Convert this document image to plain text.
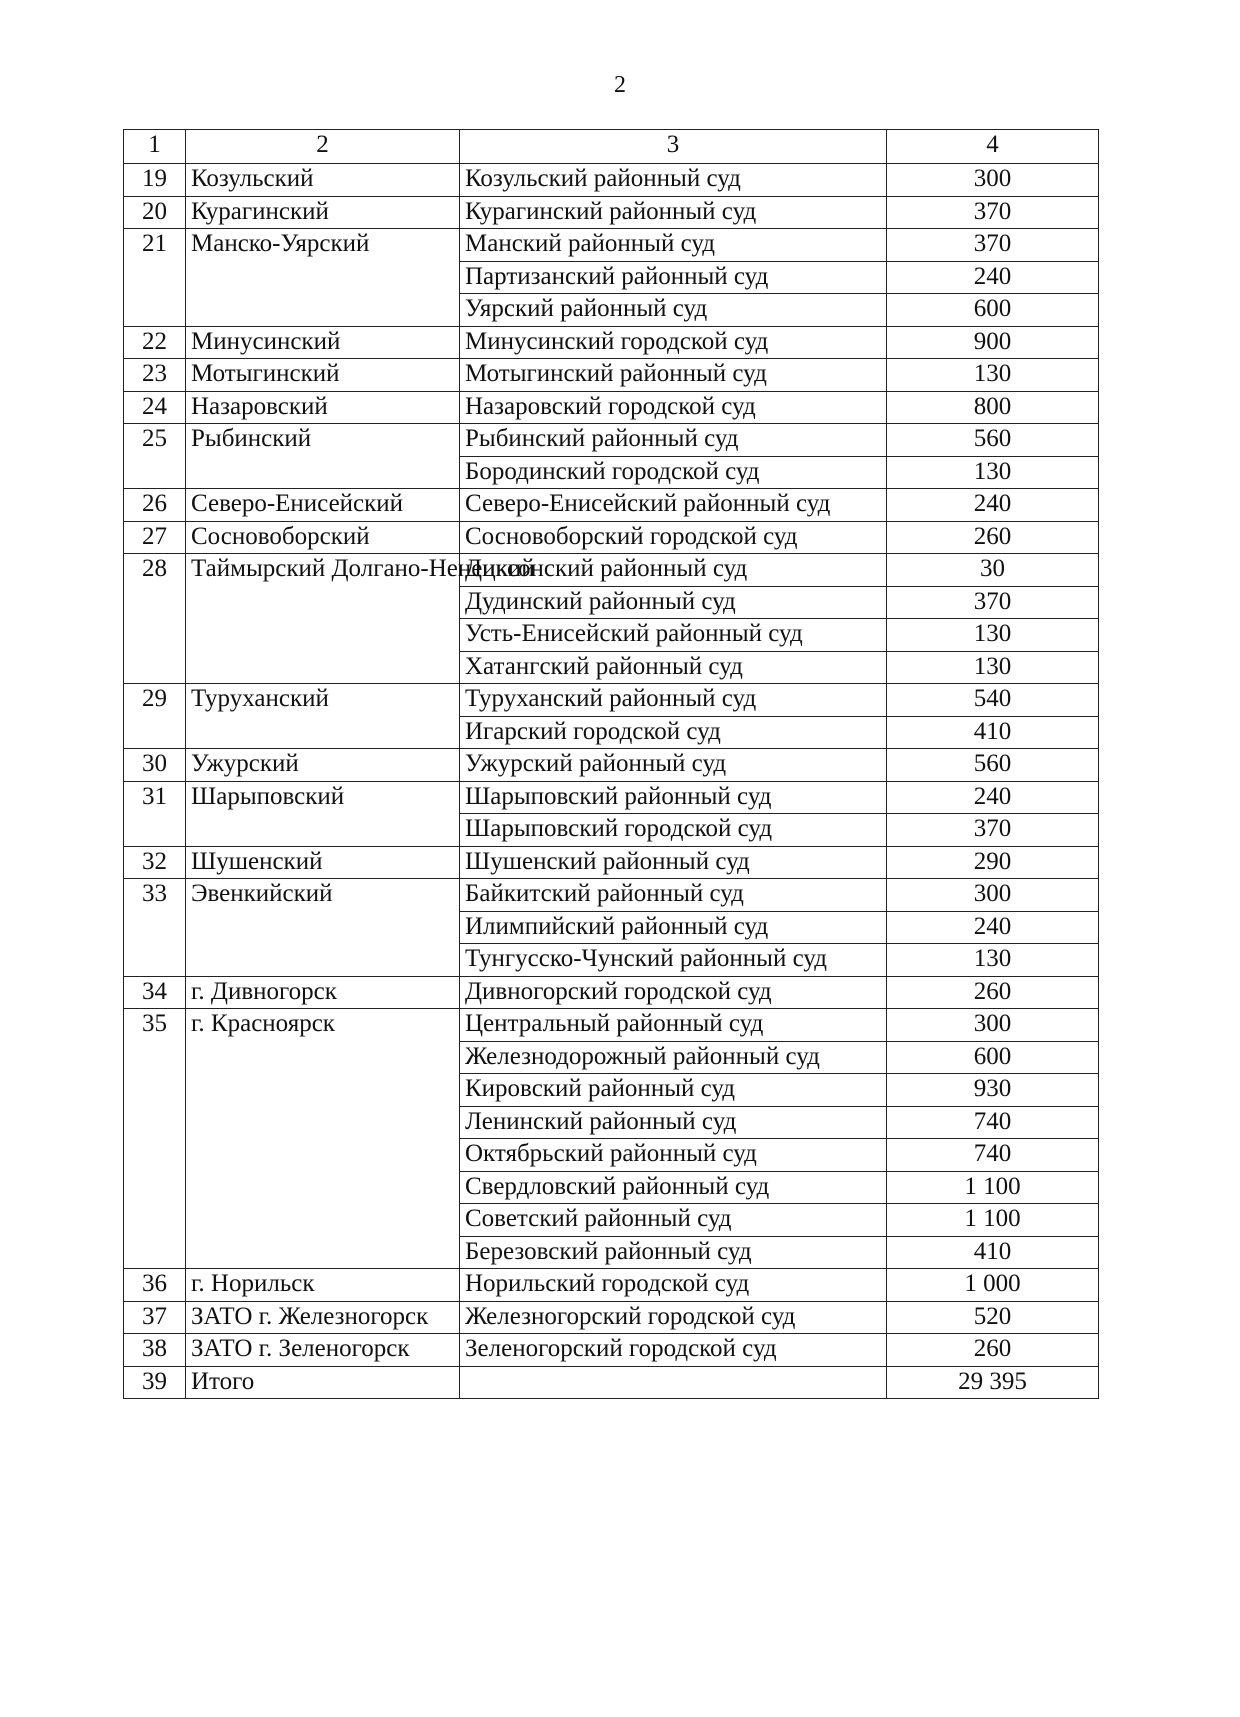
2
1	2	3	4
19	Козульский	Козульский районный суд	300
20	Курагинский	Курагинский районный суд	370
21	Манско-Уярский	Манский районный суд	370
		Партизанский районный суд	240
		Уярский районный суд	600
22	Минусинский	Минусинский городской суд	900
23	Мотыгинский	Мотыгинский районный суд	130
24	Назаровский	Назаровский городской суд	800
25	Рыбинский	Рыбинский районный суд	560
		Бородинский городской суд	130
26	Северо-Енисейский	Северо-Енисейский районный суд	240
27	Сосновоборский	Сосновоборский городской суд	260
28	Таймырский Долгано-Ненецкий	Диксонский районный суд	30
		Дудинский районный суд	370
		Усть-Енисейский районный суд	130
		Хатангский районный суд	130
29	Туруханский	Туруханский районный суд	540
		Игарский городской суд	410
30	Ужурский	Ужурский районный суд	560
31	Шарыповский	Шарыповский районный суд	240
		Шарыповский городской суд	370
32	Шушенский	Шушенский районный суд	290
33	Эвенкийский	Байкитский районный суд	300
		Илимпийский районный суд	240
		Тунгусско-Чунский районный суд	130
34	г. Дивногорск	Дивногорский городской суд	260
35	г. Красноярск	Центральный районный суд	300
		Железнодорожный районный суд	600
		Кировский районный суд	930
		Ленинский районный суд	740
		Октябрьский районный суд	740
		Свердловский районный суд	1 100
		Советский районный суд	1 100
		Березовский районный суд	410
36	г. Норильск	Норильский городской суд	1 000
37	ЗАТО г. Железногорск	Железногорский городской суд	520
38	ЗАТО г. Зеленогорск	Зеленогорский городской суд	260
39	Итого		29 395
